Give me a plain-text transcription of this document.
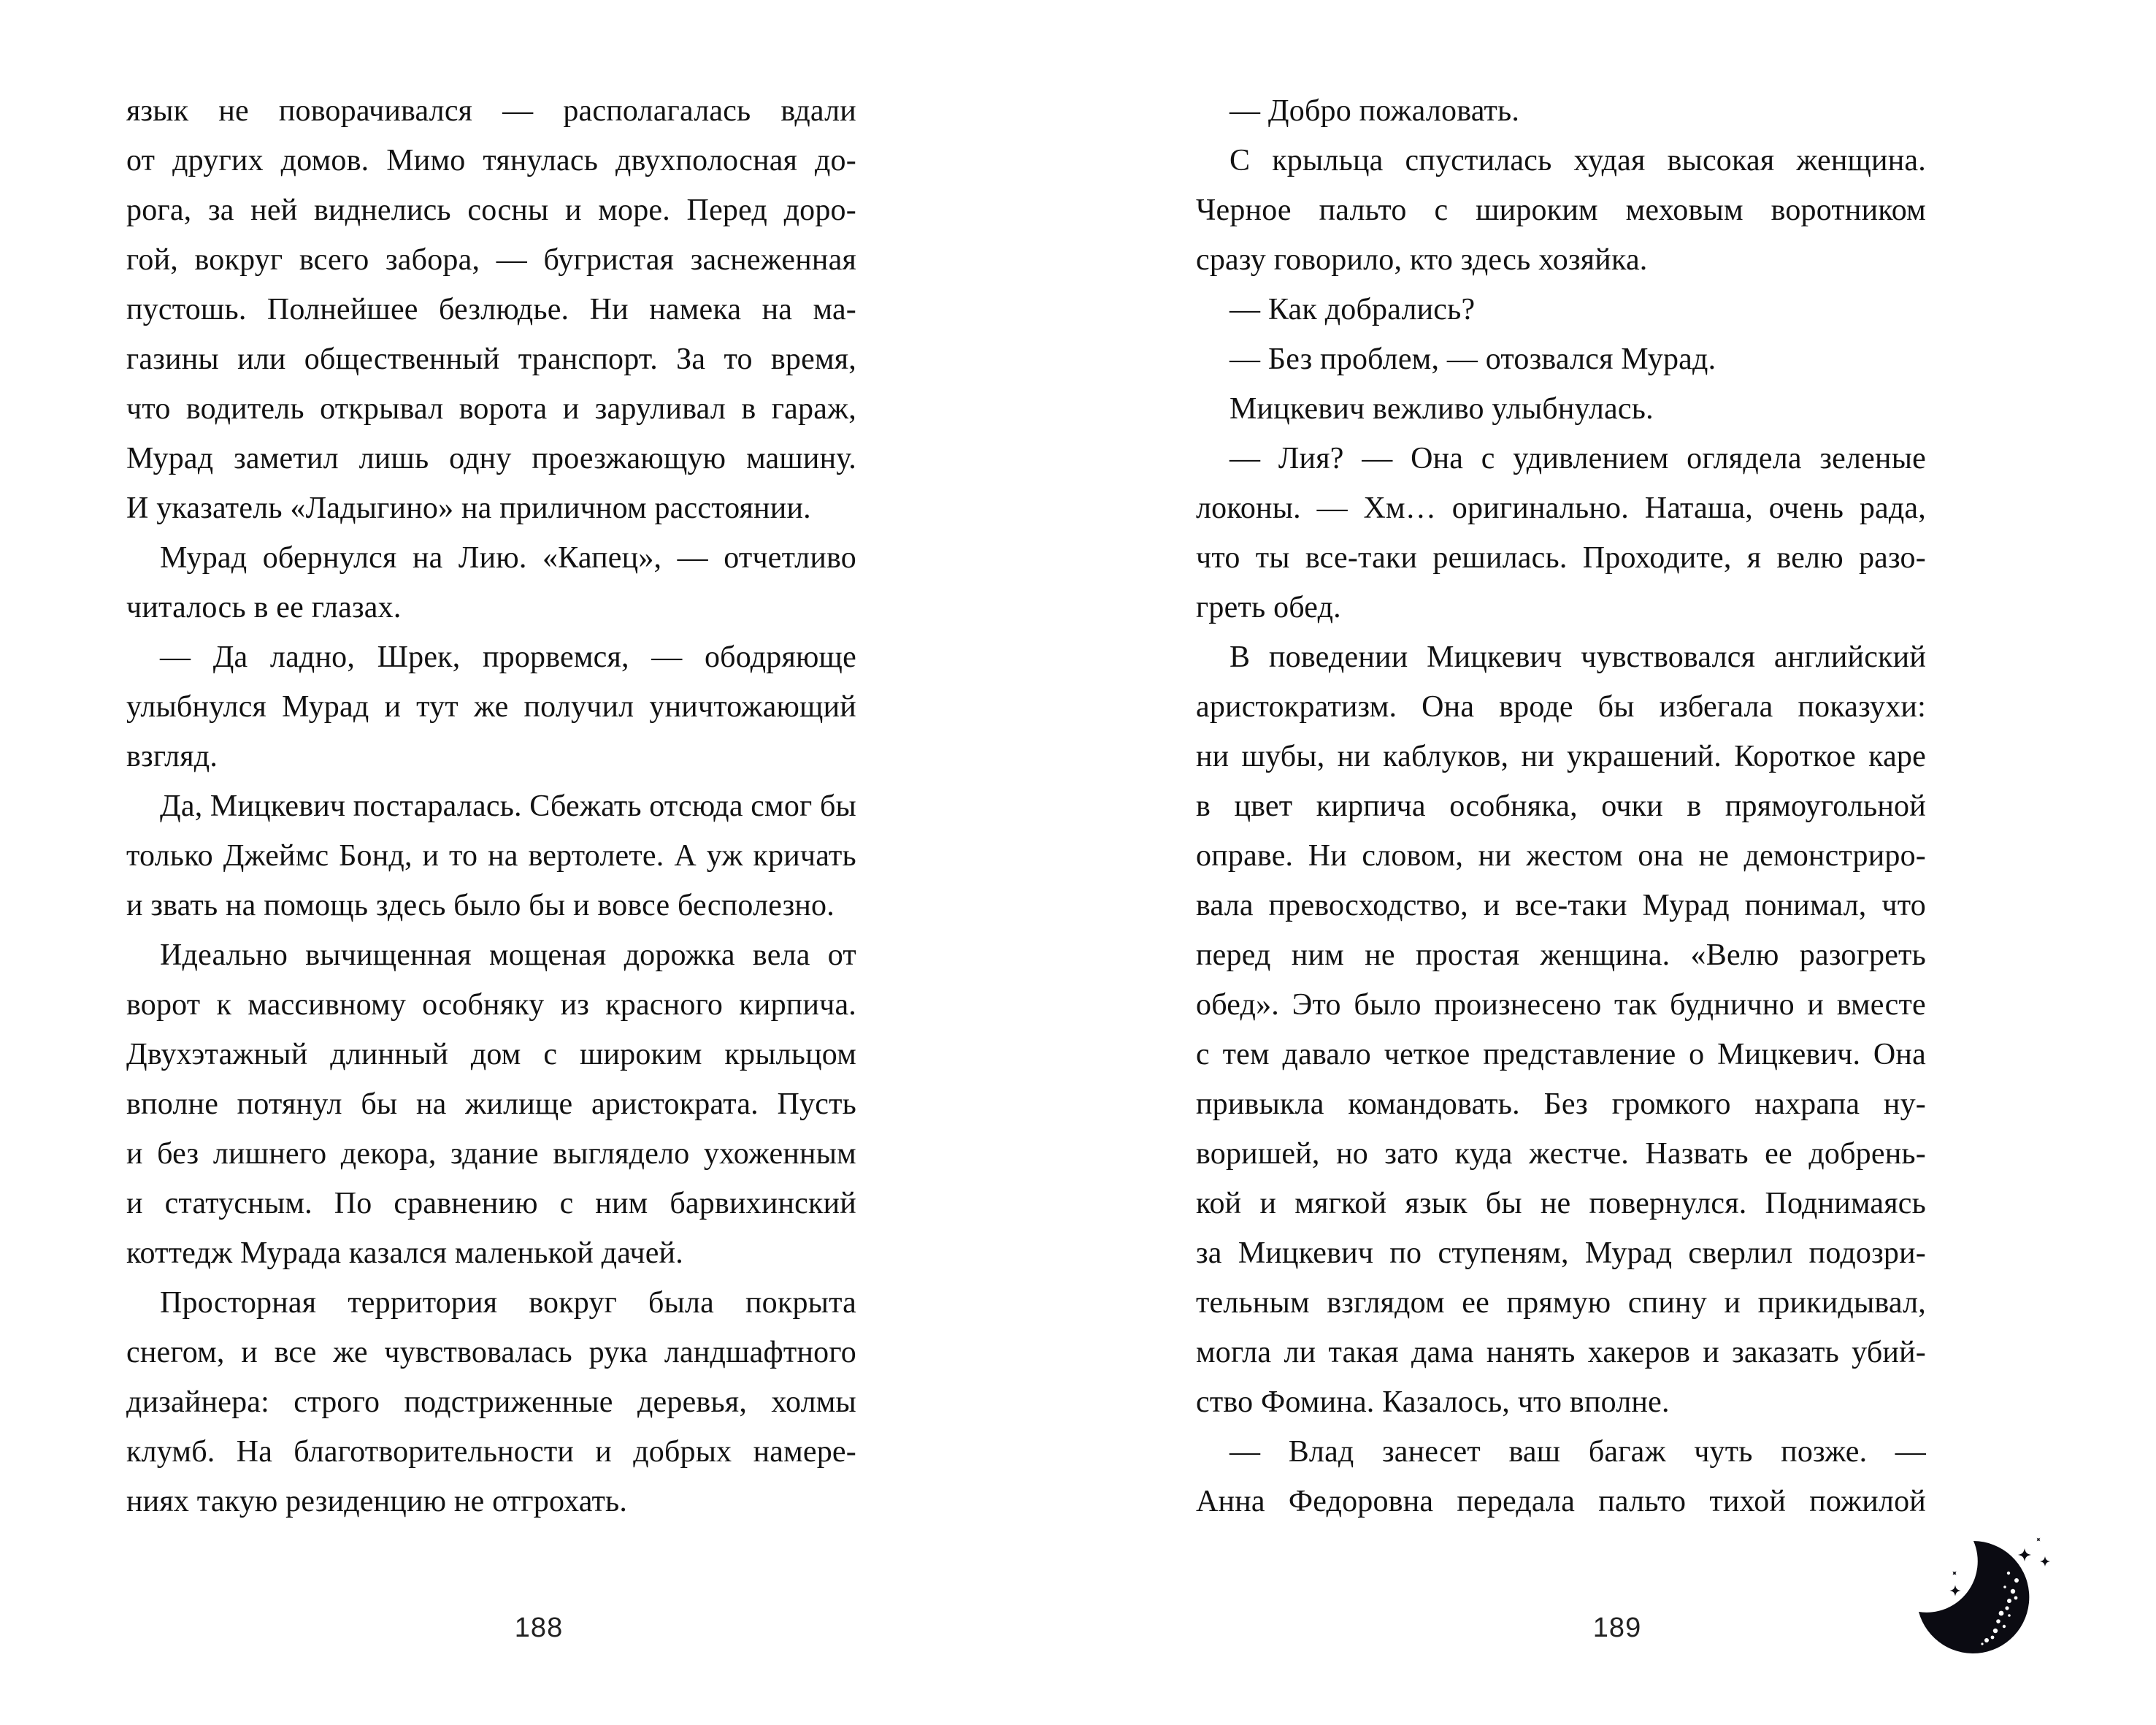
язык не поворачивался — располагалась вдали
от других домов. Мимо тянулась двухполосная до-
рога, за ней виднелись сосны и море. Перед доро-
гой, вокруг всего забора, — бугристая заснеженная
пустошь. Полнейшее безлюдье. Ни намека на ма-
газины или общественный транспорт. За то время,
что водитель открывал ворота и заруливал в гараж,
Мурад заметил лишь одну проезжающую машину.
И указатель «Ладыгино» на приличном расстоянии.
Мурад обернулся на Лию. «Капец», — отчетливо
читалось в ее глазах.
— Да ладно, Шрек, прорвемся, — ободряюще
улыбнулся Мурад и тут же получил уничтожающий
взгляд.
Да, Мицкевич постаралась. Сбежать отсюда смог бы
только Джеймс Бонд, и то на вертолете. А уж кричать
и звать на помощь здесь было бы и вовсе бесполезно.
Идеально вычищенная мощеная дорожка вела от
ворот к массивному особняку из красного кирпича.
Двухэтажный длинный дом с широким крыльцом
вполне потянул бы на жилище аристократа. Пусть
и без лишнего декора, здание выглядело ухоженным
и статусным. По сравнению с ним барвихинский
коттедж Мурада казался маленькой дачей.
Просторная территория вокруг была покрыта
снегом, и все же чувствовалась рука ландшафтного
дизайнера: строго подстриженные деревья, холмы
клумб. На благотворительности и добрых намере-
ниях такую резиденцию не отгрохать.
188
— Добро пожаловать.
С крыльца спустилась худая высокая женщина.
Черное пальто с широким меховым воротником
сразу говорило, кто здесь хозяйка.
— Как добрались?
— Без проблем, — отозвался Мурад.
Мицкевич вежливо улыбнулась.
— Лия? — Она с удивлением оглядела зеленые
локоны. — Хм… оригинально. Наташа, очень рада,
что ты все-таки решилась. Проходите, я велю разо-
греть обед.
В поведении Мицкевич чувствовался английский
аристократизм. Она вроде бы избегала показухи:
ни шубы, ни каблуков, ни украшений. Короткое каре
в цвет кирпича особняка, очки в прямоугольной
оправе. Ни словом, ни жестом она не демонстриро-
вала превосходство, и все-таки Мурад понимал, что
перед ним не простая женщина. «Велю разогреть
обед». Это было произнесено так буднично и вместе
с тем давало четкое представление о Мицкевич. Она
привыкла командовать. Без громкого нахрапа ну-
воришей, но зато куда жестче. Назвать ее добрень-
кой и мягкой язык бы не повернулся. Поднимаясь
за Мицкевич по ступеням, Мурад сверлил подозри-
тельным взглядом ее прямую спину и прикидывал,
могла ли такая дама нанять хакеров и заказать убий-
ство Фомина. Казалось, что вполне.
— Влад занесет ваш багаж чуть позже. —
Анна Федоровна передала пальто тихой пожилой
189
